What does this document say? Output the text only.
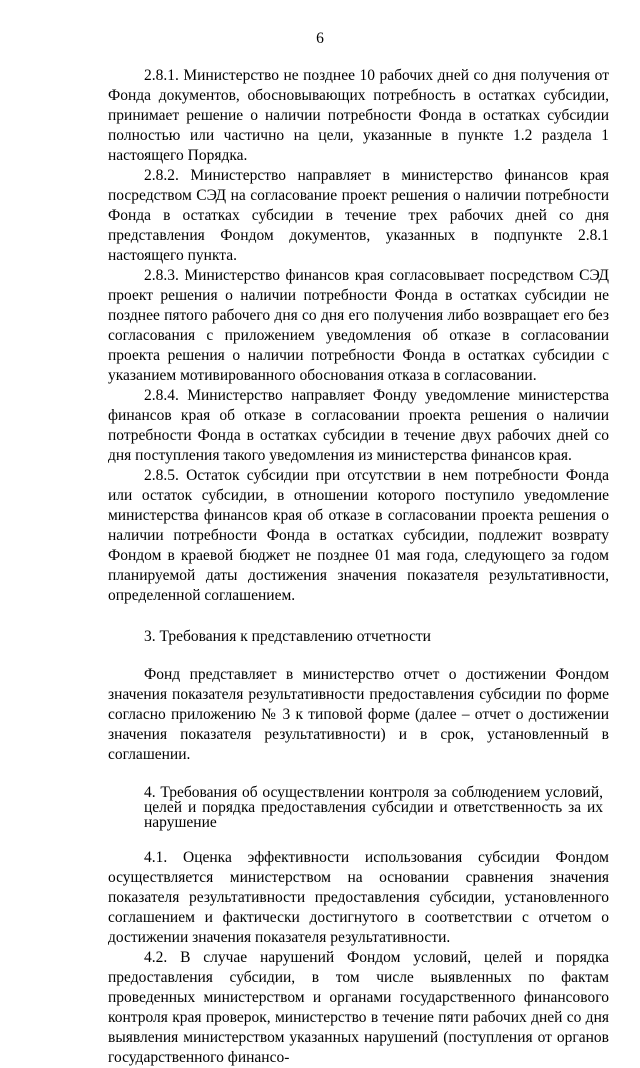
6

2.8.1. Министерство не позднее 10 рабочих дней со дня получения от Фонда документов, обосновывающих потребность в остатках субсидии, принимает решение о наличии потребности Фонда в остатках субсидии полностью или частично на цели, указанные в пункте 1.2 раздела 1 настоящего Порядка.

2.8.2. Министерство направляет в министерство финансов края посредством СЭД на согласование проект решения о наличии потребности Фонда в остатках субсидии в течение трех рабочих дней со дня представления Фондом документов, указанных в подпункте 2.8.1 настоящего пункта.

2.8.3. Министерство финансов края согласовывает посредством СЭД проект решения о наличии потребности Фонда в остатках субсидии не позднее пятого рабочего дня со дня его получения либо возвращает его без согласования с приложением уведомления об отказе в согласовании проекта решения о наличии потребности Фонда в остатках субсидии с указанием мотивированного обоснования отказа в согласовании.

2.8.4. Министерство направляет Фонду уведомление министерства финансов края об отказе в согласовании проекта решения о наличии потребности Фонда в остатках субсидии в течение двух рабочих дней со дня поступления такого уведомления из министерства финансов края.

2.8.5. Остаток субсидии при отсутствии в нем потребности Фонда или остаток субсидии, в отношении которого поступило уведомление министерства финансов края об отказе в согласовании проекта решения о наличии потребности Фонда в остатках субсидии, подлежит возврату Фондом в краевой бюджет не позднее 01 мая года, следующего за годом планируемой даты достижения значения показателя результативности, определенной соглашением.

3. Требования к представлению отчетности

Фонд представляет в министерство отчет о достижении Фондом значения показателя результативности предоставления субсидии по форме согласно приложению № 3 к типовой форме (далее – отчет о достижении значения показателя результативности) и в срок, установленный в соглашении.

4. Требования об осуществлении контроля за соблюдением условий, целей и порядка предоставления субсидии и ответственность за их нарушение

4.1. Оценка эффективности использования субсидии Фондом осуществляется министерством на основании сравнения значения показателя результативности предоставления субсидии, установленного соглашением и фактически достигнутого в соответствии с отчетом о достижении значения показателя результативности.

4.2. В случае нарушений Фондом условий, целей и порядка предоставления субсидии, в том числе выявленных по фактам проведенных министерством и органами государственного финансового контроля края проверок, министерство в течение пяти рабочих дней со дня выявления министерством указанных нарушений (поступления от органов государственного финансо-
